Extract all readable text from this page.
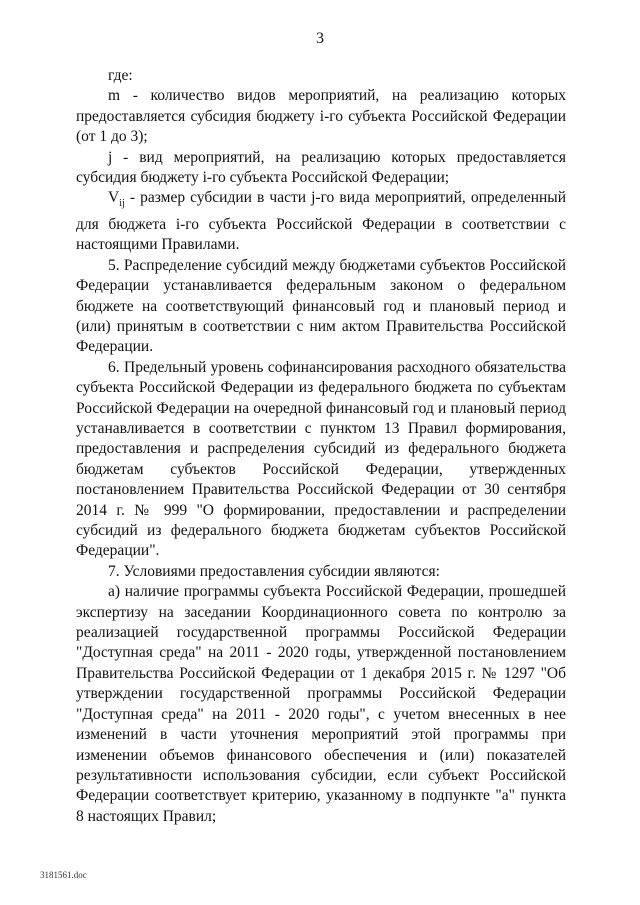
3

где:

m - количество видов мероприятий, на реализацию которых предоставляется субсидия бюджету i-го субъекта Российской Федерации (от 1 до 3);

j - вид мероприятий, на реализацию которых предоставляется субсидия бюджету i-го субъекта Российской Федерации;

$V_{ij}$ - размер субсидии в части j-го вида мероприятий, определенный для бюджета i-го субъекта Российской Федерации в соответствии с настоящими Правилами.

5. Распределение субсидий между бюджетами субъектов Российской Федерации устанавливается федеральным законом о федеральном бюджете на соответствующий финансовый год и плановый период и (или) принятым в соответствии с ним актом Правительства Российской Федерации.

6. Предельный уровень софинансирования расходного обязательства субъекта Российской Федерации из федерального бюджета по субъектам Российской Федерации на очередной финансовый год и плановый период устанавливается в соответствии с пунктом 13 Правил формирования, предоставления и распределения субсидий из федерального бюджета бюджетам субъектов Российской Федерации, утвержденных постановлением Правительства Российской Федерации от 30 сентября 2014 г. № 999 "О формировании, предоставлении и распределении субсидий из федерального бюджета бюджетам субъектов Российской Федерации".

7. Условиями предоставления субсидии являются:

а) наличие программы субъекта Российской Федерации, прошедшей экспертизу на заседании Координационного совета по контролю за реализацией государственной программы Российской Федерации "Доступная среда" на 2011 - 2020 годы, утвержденной постановлением Правительства Российской Федерации от 1 декабря 2015 г. № 1297 "Об утверждении государственной программы Российской Федерации "Доступная среда" на 2011 - 2020 годы", с учетом внесенных в нее изменений в части уточнения мероприятий этой программы при изменении объемов финансового обеспечения и (или) показателей результативности использования субсидии, если субъект Российской Федерации соответствует критерию, указанному в подпункте "а" пункта 8 настоящих Правил;

3181561.doc
